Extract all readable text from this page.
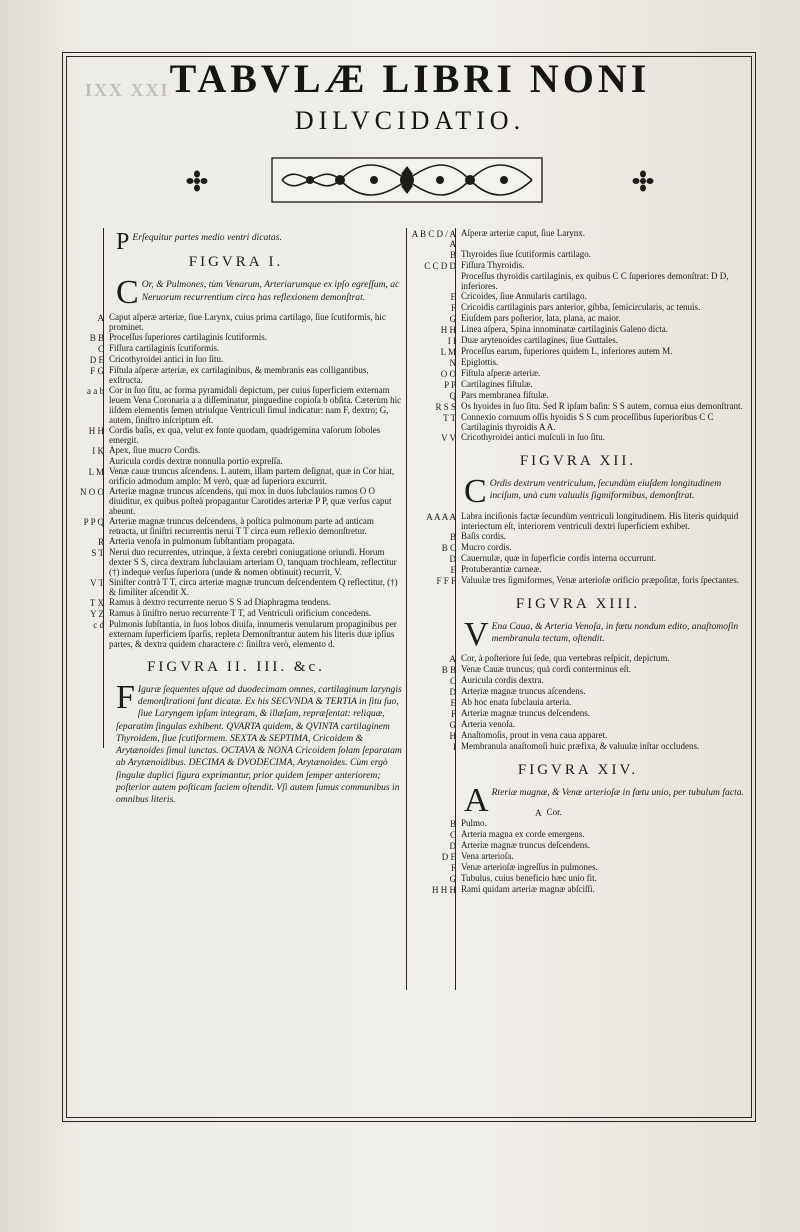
IXX XXI TABVLÆ LIBRI NONI
DILVCIDATIO.
P Erſequitur partes medio ventri dicatas.
FIGVRA I.
C Or, & Pulmones, tùm Venarum, Arteriarumque ex ipſo egreſſum, ac Neruorum recurrentium circa has reflexionem demonſtrat.
A Caput aſperæ arteriæ, ſiue Larynx, cuius prima cartilago, ſiue ſcutiformis, hic prominet.
B B Proceſſus ſuperiores cartilaginis ſcutiformis.
C Fiſſura cartilaginis ſcutiformis.
D E Cricothyroidei antici in ſuo ſitu.
F G Fiſtula aſperæ arteriæ, ex cartilaginibus, & membranis eas colligantibus, exſtructa.
a a b Cor in ſuo ſitu, ac forma pyramidali depictum, per cuius ſuperficiem externam leuem Vena Coronaria a a diſſeminatur, pinguedine copioſa b obſita. Cæterùm hic iiſdem elementis ſemen utriuſque Ventriculi ſimul indicatur: nam F, dextro; G, autem, ſiniſtro inſcriptum eſt.
H H Cordis baſis, ex qua, velut ex fonte quodam, quadrigemina vaſorum ſoboles emergit.
I K Apex, ſiue mucro Cordis.
Auricula cordis dextræ nonnulla portio expreſſa.
L M Venæ cauæ truncus aſcendens. L autem, illam partem deſignat, quæ in Cor hiat, orificio admodum amplo: M verò, quæ ad ſuperiora excurrit.
N O O Arteriæ magnæ truncus aſcendens, qui mox in duos ſubclauios ramos O O diuiditur, ex quibus poſteà propagantur Carotides arteriæ P P, quæ verſus caput abeunt.
P P Q Arteriæ magnæ truncus deſcendens, à poſtica pulmonum parte ad anticam retracta, ut ſiniſtri recurrentis nerui T T circa eum reflexio demonſtretur.
R Arteria venoſa in pulmonum ſubſtantiam propagata.
S T Nerui duo recurrentes, utrinque, à ſexta cerebri coniugatione oriundi. Horum dexter S S, circa dextram ſubclauiam arteriam O, tanquam trochleam, reflectitur (†) indeque verſus ſuperiora (unde & nomen obtinuit) recurrit, V.
V T Siniſter contrà T T, circa arteriæ magnæ truncum deſcendentem Q reflectitur, (†) & ſimiliter aſcendit X.
T X Ramus à dextro recurrente neruo S S ad Diaphragma tendens.
Y Z Ramus à ſiniſtro neruo recurrente T T, ad Ventriculi orificium concedens.
c d Pulmonis ſubſtantia, in ſuos lobos diuiſa, innumeris venularum propaginibus per externam ſuperficiem ſparſis, repleta Demonſtrantur autem his literis duæ ipſius partes, & dextra quidem charactere c: ſiniſtra verò, elemento d.
FIGVRA II. III. &c.
F Iguræ ſequentes uſque ad duodecimam omnes, cartilaginum laryngis demonſtrationi ſunt dicatæ. Ex his SECVNDA & TERTIA in ſitu ſuo, ſiue Laryngem ipſam integram, & illæſam, repræſentat: reliquæ, ſeparatim ſingulas exhibent. QVARTA quidem, & QVINTA cartilaginem Thyroidem, ſiue ſcutiformem. SEXTA & SEPTIMA, Cricoidem & Arytænoides ſimul iunctas. OCTAVA & NONA Cricoidem ſolam ſeparatam ab Arytænoidibus. DECIMA & DVODECIMA, Arytænoides. Cùm ergò ſingulæ duplici figura exprimantur, prior quidem ſemper anteriorem; poſterior autem poſticam faciem oſtendit. Vſi autem ſumus communibus in omnibus literis.
A B C D / A A
Aſperæ arteriæ caput, ſiue Larynx.
B Thyroides ſiue ſcutiformis cartilago.
C C D D Fiſſura Thyroidis.
Proceſſus thyroidis cartilaginis, ex quibus C C ſuperiores demonſtrat: D D, inferiores.
E Cricoides, ſiue Annularis cartilago.
F Cricoidis cartilaginis pars anterior, gibba, ſemicircularis, ac tenuis.
G Eiuſdem pars poſterior, lata, plana, ac maior.
H H Linea aſpera, Spina innominatæ cartilaginis Galeno dicta.
I I Duæ arytenoides cartilagines, ſiue Guttales.
L M Proceſſus earum, ſuperiores quidem L, inferiores autem M.
N Epiglottis.
O O Fiſtula aſperæ arteriæ.
P P Cartilagines fiſtulæ.
Q Pars membranea fiſtulæ.
R S S Os hyoides in ſuo ſitu. Sed R ipſam baſin: S S autem, cornua eius demonſtrant.
T T Connexio cornuum oſſis hyoidis S S cum proceſſibus ſuperioribus C C Cartilaginis thyroidis A A.
V V Cricothyroidei antici muſculi in ſuo ſitu.
FIGVRA XII.
C Ordis dextrum ventriculum, ſecundùm eiuſdem longitudinem inciſum, unà cum valuulis ſigmiformibus, demonſtrat.
A A A A Labra inciſionis factæ ſecundùm ventriculi longitudinem. His literis quidquid interiectum eſt, interiorem ventriculi dextri ſuperficiem exhibet.
B Baſis cordis.
B C Mucro cordis.
D Cauernulæ, quæ in ſuperficie cordis interna occurrunt.
E Protuberantiæ carneæ.
F F F Valuulæ tres ſigmiformes, Venæ arterioſæ orificio præpoſitæ, foris ſpectantes.
FIGVRA XIII.
V Ena Caua, & Arteria Venoſa, in fœtu nondum edito, anaſtomoſin membranula tectam, oſtendit.
A Cor, à poſteriore ſui ſede, qua vertebras reſpicit, depictum.
B B Venæ Cauæ truncus, quà cordi conterminus eſt.
C Auricula cordis dextra.
D Arteriæ magnæ truncus aſcendens.
E Ab hoc enata ſubclauia arteria.
F Arteriæ magnæ truncus deſcendens.
G Arteria venoſa.
H Anaſtomoſis, prout in vena caua apparet.
I Membranula anaſtomoſi huic præfixa, & valuulæ inſtar occludens.
FIGVRA XIV.
A Rteriæ magnæ, & Venæ arterioſæ in fœtu unio, per tubulum facta.
A Cor.
B Pulmo.
C Arteria magna ex corde emergens.
D Arteriæ magnæ truncus deſcendens.
D E Vena arterioſa.
F Venæ arterioſæ ingreſſus in pulmones.
G Tubulus, cuius beneficio hæc unio fit.
H H H Rami quidam arteriæ magnæ abſciſſi.
